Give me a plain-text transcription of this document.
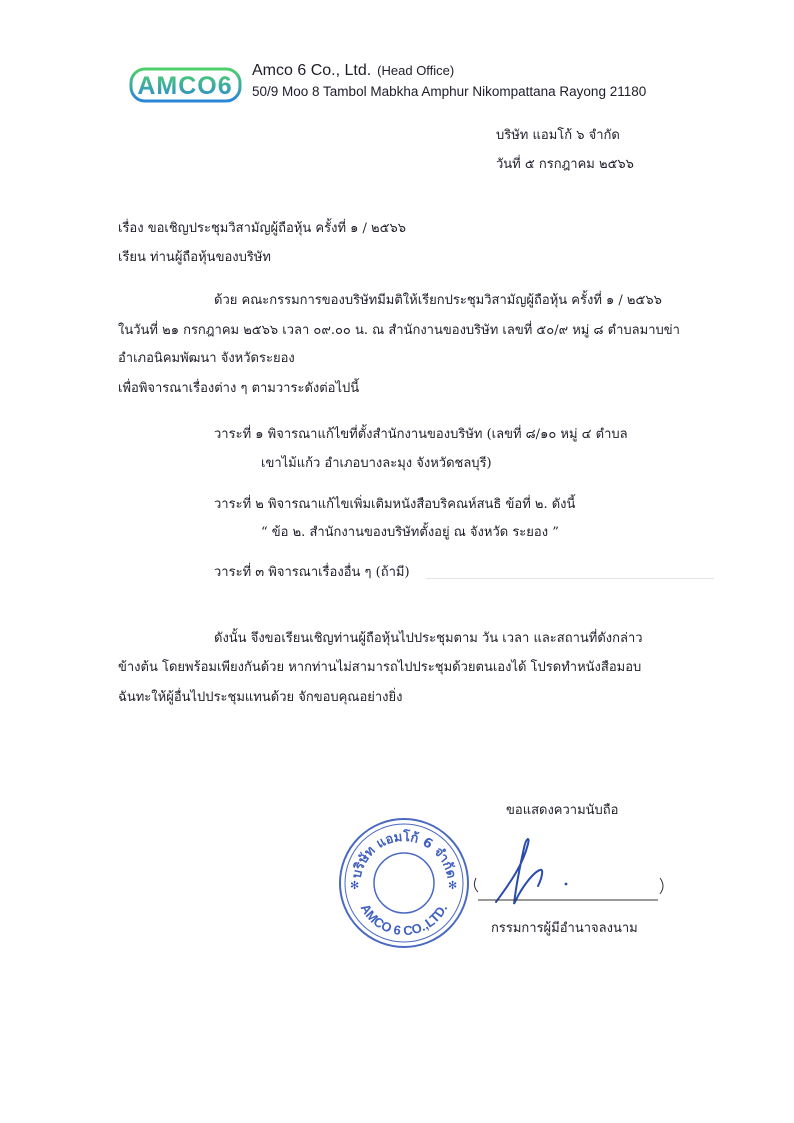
AMCO6
Amco 6 Co., Ltd. (Head Office)
50/9 Moo 8 Tambol Mabkha Amphur Nikompattana Rayong 21180
บริษัท แอมโก้ ๖ จำกัด
วันที่ ๕ กรกฎาคม ๒๕๖๖
เรื่อง ขอเชิญประชุมวิสามัญผู้ถือหุ้น ครั้งที่ ๑ / ๒๕๖๖
เรียน ท่านผู้ถือหุ้นของบริษัท
ด้วย คณะกรรมการของบริษัทมีมติให้เรียกประชุมวิสามัญผู้ถือหุ้น ครั้งที่ ๑ / ๒๕๖๖
ในวันที่ ๒๑ กรกฎาคม ๒๕๖๖ เวลา ๐๙.๐๐ น. ณ สำนักงานของบริษัท เลขที่ ๕๐/๙ หมู่ ๘ ตำบลมาบข่า
อำเภอนิคมพัฒนา จังหวัดระยอง
เพื่อพิจารณาเรื่องต่าง ๆ ตามวาระดังต่อไปนี้
วาระที่ ๑ พิจารณาแก้ไขที่ตั้งสำนักงานของบริษัท (เลขที่ ๘/๑๐ หมู่ ๔ ตำบล
เขาไม้แก้ว อำเภอบางละมุง จังหวัดชลบุรี)
วาระที่ ๒ พิจารณาแก้ไขเพิ่มเติมหนังสือบริคณห์สนธิ ข้อที่ ๒. ดังนี้
“ ข้อ ๒. สำนักงานของบริษัทตั้งอยู่ ณ จังหวัด ระยอง ”
วาระที่ ๓ พิจารณาเรื่องอื่น ๆ (ถ้ามี)
ดังนั้น จึงขอเรียนเชิญท่านผู้ถือหุ้นไปประชุมตาม วัน เวลา และสถานที่ดังกล่าว
ข้างต้น โดยพร้อมเพียงกันด้วย หากท่านไม่สามารถไปประชุมด้วยตนเองได้ โปรดทำหนังสือมอบ
ฉันทะให้ผู้อื่นไปประชุมแทนด้วย จักขอบคุณอย่างยิ่ง
ขอแสดงความนับถือ
บริษัท แอมโก้ 6 จำกัด
AMCO 6 CO.,LTD.
✻	✻
กรรมการผู้มีอำนาจลงนาม
